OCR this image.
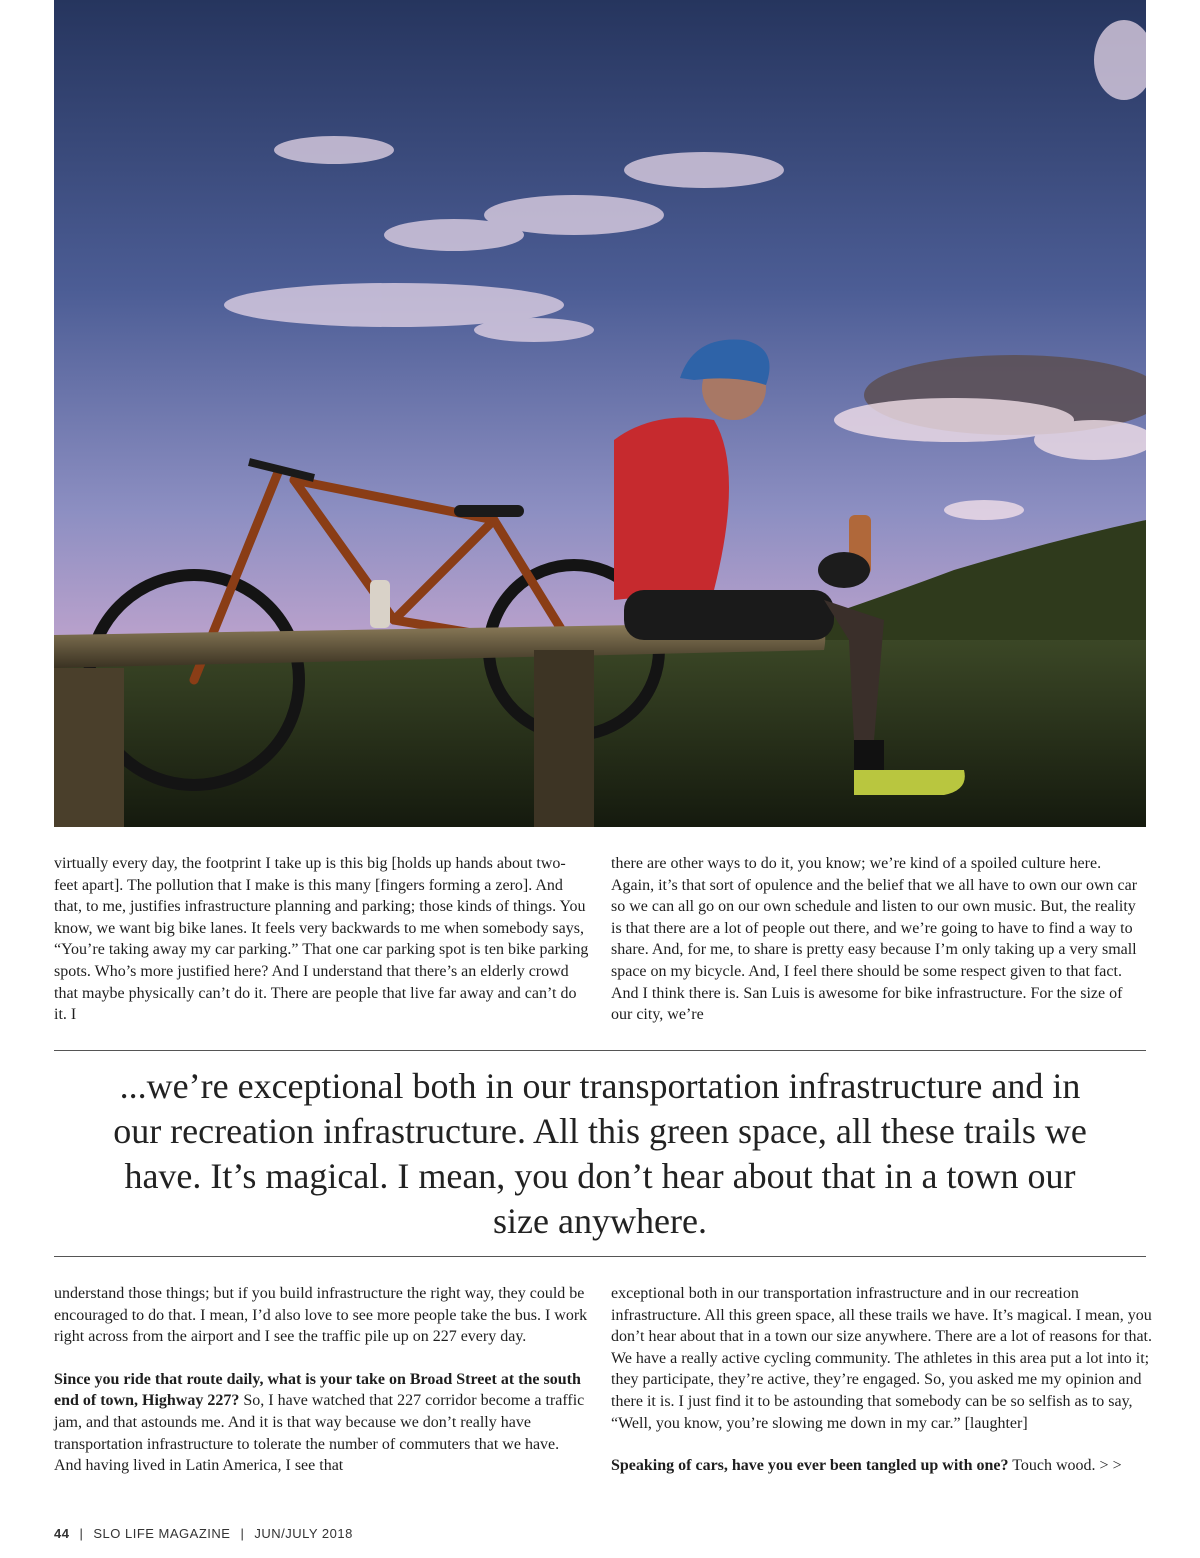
virtually every day, the footprint I take up is this big [holds up hands about two-feet apart]. The pollution that I make is this many [fingers forming a zero]. And that, to me, justifies infrastructure planning and parking; those kinds of things. You know, we want big bike lanes. It feels very backwards to me when somebody says, “You’re taking away my car parking.” That one car parking spot is ten bike parking spots. Who’s more justified here? And I understand that there’s an elderly crowd that maybe physically can’t do it. There are people that live far away and can’t do it. I

there are other ways to do it, you know; we’re kind of a spoiled culture here. Again, it’s that sort of opulence and the belief that we all have to own our own car so we can all go on our own schedule and listen to our own music. But, the reality is that there are a lot of people out there, and we’re going to have to find a way to share. And, for me, to share is pretty easy because I’m only taking up a very small space on my bicycle. And, I feel there should be some respect given to that fact. And I think there is. San Luis is awesome for bike infrastructure. For the size of our city, we’re

...we’re exceptional both in our transportation infrastructure and in our recreation infrastructure. All this green space, all these trails we have. It’s magical. I mean, you don’t hear about that in a town our size anywhere.

understand those things; but if you build infrastructure the right way, they could be encouraged to do that. I mean, I’d also love to see more people take the bus. I work right across from the airport and I see the traffic pile up on 227 every day.

Since you ride that route daily, what is your take on Broad Street at the south end of town, Highway 227? So, I have watched that 227 corridor become a traffic jam, and that astounds me. And it is that way because we don’t really have transportation infrastructure to tolerate the number of commuters that we have. And having lived in Latin America, I see that

exceptional both in our transportation infrastructure and in our recreation infrastructure. All this green space, all these trails we have. It’s magical. I mean, you don’t hear about that in a town our size anywhere. There are a lot of reasons for that. We have a really active cycling community. The athletes in this area put a lot into it; they participate, they’re active, they’re engaged. So, you asked me my opinion and there it is. I just find it to be astounding that somebody can be so selfish as to say, “Well, you know, you’re slowing me down in my car.” [laughter]

Speaking of cars, have you ever been tangled up with one? Touch wood. > >

44 | SLO LIFE MAGAZINE | JUN/JULY 2018
